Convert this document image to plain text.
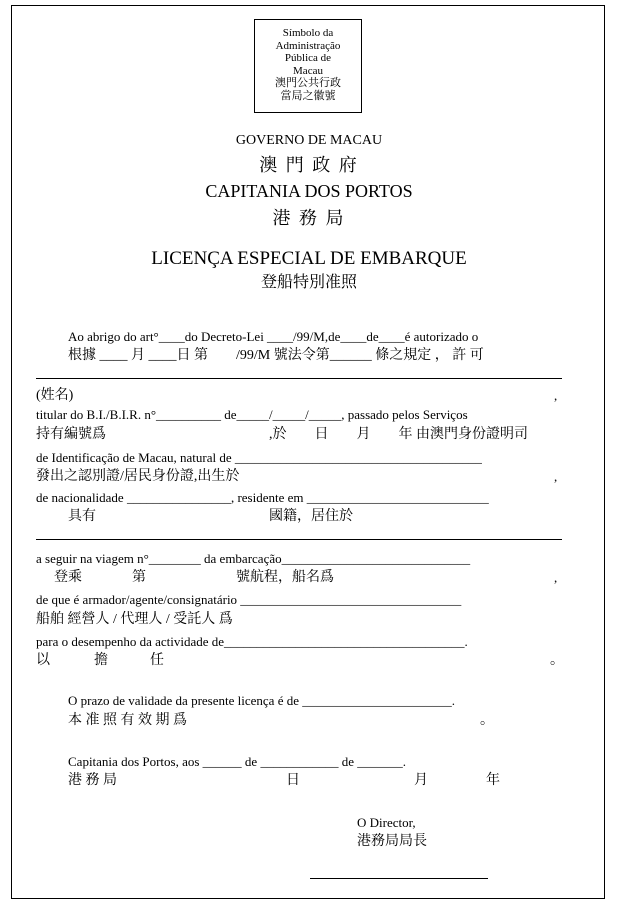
Símbolo da
Administração
Pública de
Macau
澳門公共行政
當局之徽號
GOVERNO DE MACAU
澳 門 政 府
CAPITANIA DOS PORTOS
港 務 局
LICENÇA ESPECIAL DE EMBARQUE
登船特別准照
Ao abrigo do art°____do Decreto-Lei ____/99/M,de____de____é autorizado o
根據 ____ 月 ____日 第　　/99/M 號法令第______ 條之規定 ， 許 可
(姓名)	,
titular do B.I./B.I.R. n°__________ de_____/_____/_____, passado pelos Serviços
持有編號爲	,於　　日　　月　　年 由澳門身份證明司
de Identificação de Macau, natural de ______________________________________
發出之認別證/居民身份證,出生於	,
de nacionalidade ________________, residente em ____________________________
具有	國籍，居住於
a seguir na viagem n°________ da embarcação_____________________________
登乘	第	號航程，船名爲	,
de que é armador/agente/consignatário __________________________________
船舶 經營人 / 代理人 / 受託人 爲
para o desempenho da actividade de_____________________________________.
以	擔	任	。
O prazo de validade da presente licença é de _______________________.
本 准 照 有 效 期 爲	。
Capitania dos Portos, aos ______ de ____________ de _______.
港 務 局	日	月	年
O Director,
港務局局長
